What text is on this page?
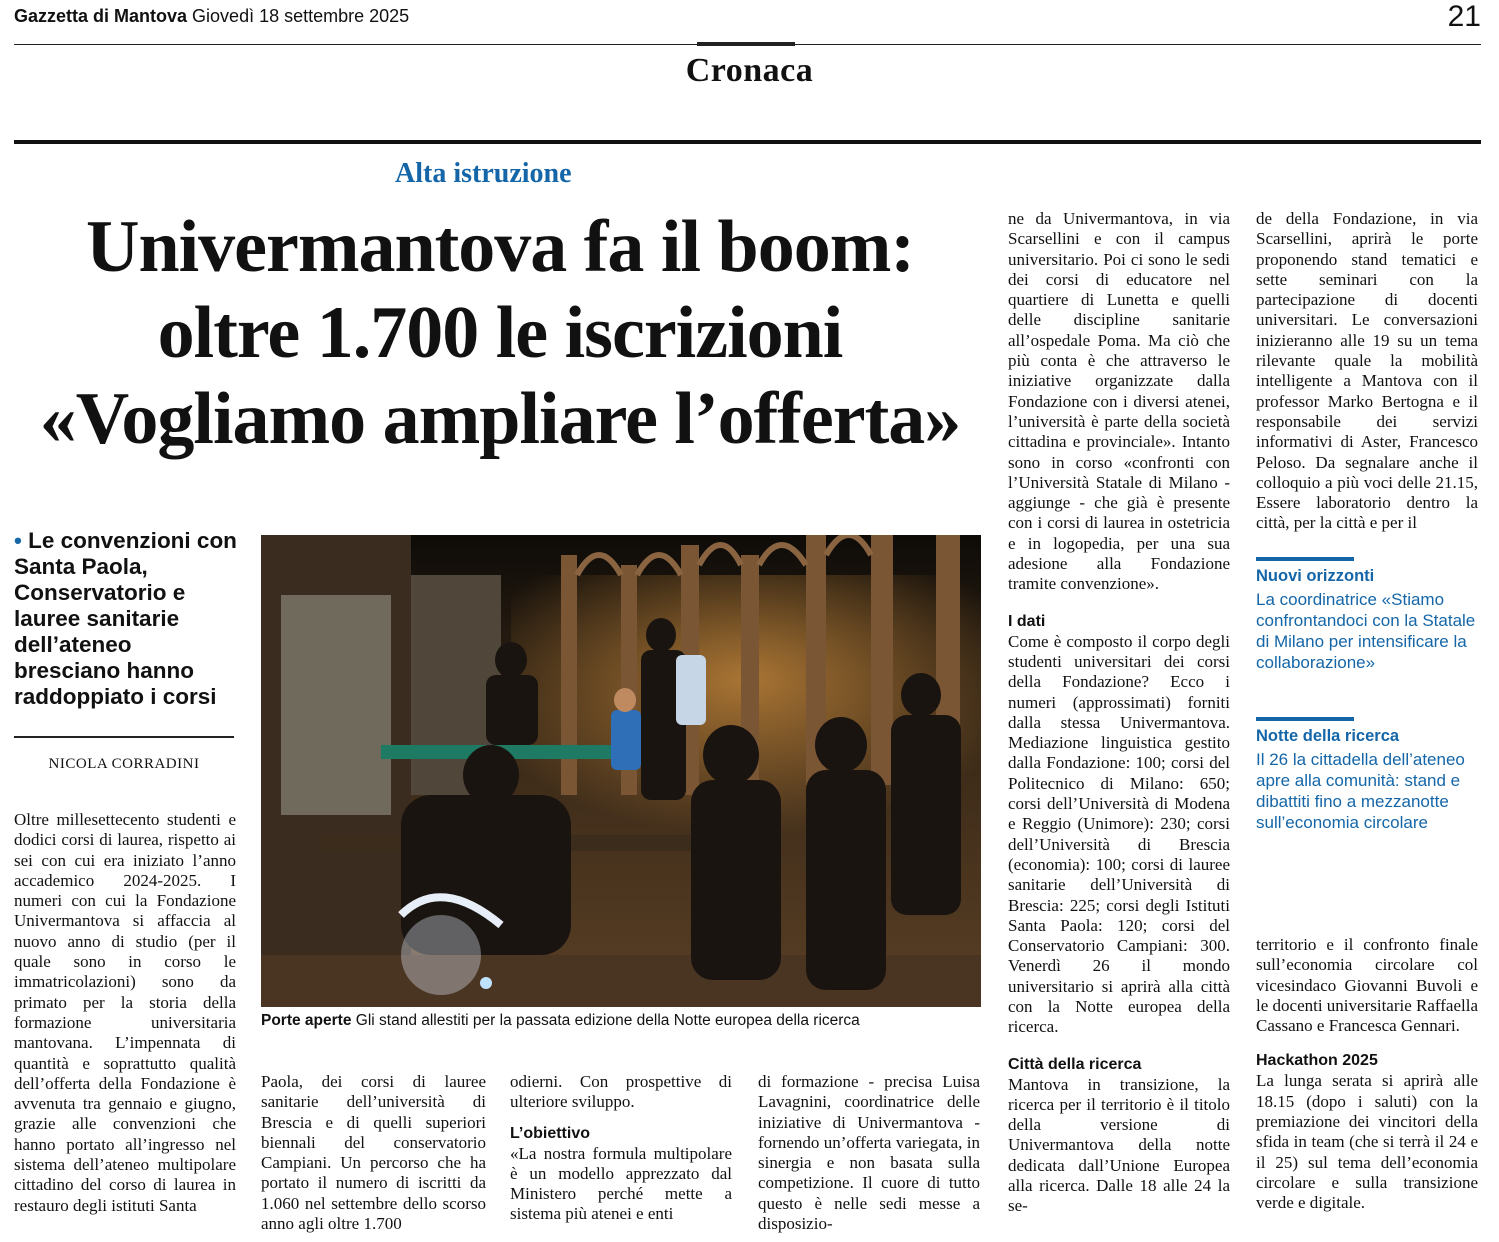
Gazzetta di Mantova Giovedì 18 settembre 2025	21
Cronaca
Alta istruzione
Univermantova fa il boom:
oltre 1.700 le iscrizioni
«Vogliamo ampliare l’offerta»
• Le convenzioni con Santa Paola, Conservatorio e lauree sanitarie dell’ateneo bresciano hanno raddoppiato i corsi
NICOLA CORRADINI

Oltre millesettecento studenti e dodici corsi di laurea, rispetto ai sei con cui era iniziato l’anno accademico 2024-2025. I numeri con cui la Fondazione Univermantova si affaccia al nuovo anno di studio (per il quale sono in corso le immatricolazioni) sono da primato per la storia della formazione universitaria mantovana. L’impennata di quantità e soprattutto qualità dell’offerta della Fondazione è avvenuta tra gennaio e giugno, grazie alle convenzioni che hanno portato all’ingresso nel sistema dell’ateneo multipolare cittadino del corso di laurea in restauro degli istituti Santa

Porte aperte Gli stand allestiti per la passata edizione della Notte europea della ricerca

Paola, dei corsi di lauree sanitarie dell’università di Brescia e di quelli superiori biennali del conservatorio Campiani. Un percorso che ha portato il numero di iscritti da 1.060 nel settembre dello scorso anno agli oltre 1.700

odierni. Con prospettive di ulteriore sviluppo.

L’obiettivo

«La nostra formula multipolare è un modello apprezzato dal Ministero perché mette a sistema più atenei e enti

di formazione - precisa Luisa Lavagnini, coordinatrice delle iniziative di Univermantova - fornendo un’offerta variegata, in sinergia e non basata sulla competizione. Il cuore di tutto questo è nelle sedi messe a disposizio-

ne da Univermantova, in via Scarsellini e con il campus universitario. Poi ci sono le sedi dei corsi di educatore nel quartiere di Lunetta e quelli delle discipline sanitarie all’ospedale Poma. Ma ciò che più conta è che attraverso le iniziative organizzate dalla Fondazione con i diversi atenei, l’università è parte della società cittadina e provinciale». Intanto sono in corso «confronti con l’Università Statale di Milano - aggiunge - che già è presente con i corsi di laurea in ostetricia e in logopedia, per una sua adesione alla Fondazione tramite convenzione».

I dati

Come è composto il corpo degli studenti universitari dei corsi della Fondazione? Ecco i numeri (approssimati) forniti dalla stessa Univermantova. Mediazione linguistica gestito dalla Fondazione: 100; corsi del Politecnico di Milano: 650; corsi dell’Università di Modena e Reggio (Unimore): 230; corsi dell’Università di Brescia (economia): 100; corsi di lauree sanitarie dell’Università di Brescia: 225; corsi degli Istituti Santa Paola: 120; corsi del Conservatorio Campiani: 300. Venerdì 26 il mondo universitario si aprirà alla città con la Notte europea della ricerca.

Città della ricerca

Mantova in transizione, la ricerca per il territorio è il titolo della versione di Univermantova della notte dedicata dall’Unione Europea alla ricerca. Dalle 18 alle 24 la se-

de della Fondazione, in via Scarsellini, aprirà le porte proponendo stand tematici e sette seminari con la partecipazione di docenti universitari. Le conversazioni inizieranno alle 19 su un tema rilevante quale la mobilità intelligente a Mantova con il professor Marko Bertogna e il responsabile dei servizi informativi di Aster, Francesco Peloso. Da segnalare anche il colloquio a più voci delle 21.15, Essere laboratorio dentro la città, per la città e per il

Nuovi orizzonti
La coordinatrice «Stiamo confrontandoci con la Statale di Milano per intensificare la collaborazione»
Notte della ricerca
Il 26 la cittadella dell’ateneo apre alla comunità: stand e dibattiti fino a mezzanotte sull’economia circolare

territorio e il confronto finale sull’economia circolare col vicesindaco Giovanni Buvoli e le docenti universitarie Raffaella Cassano e Francesca Gennari.

Hackathon 2025

La lunga serata si aprirà alle 18.15 (dopo i saluti) con la premiazione dei vincitori della sfida in team (che si terrà il 24 e il 25) sul tema dell’economia circolare e sulla transizione verde e digitale.
